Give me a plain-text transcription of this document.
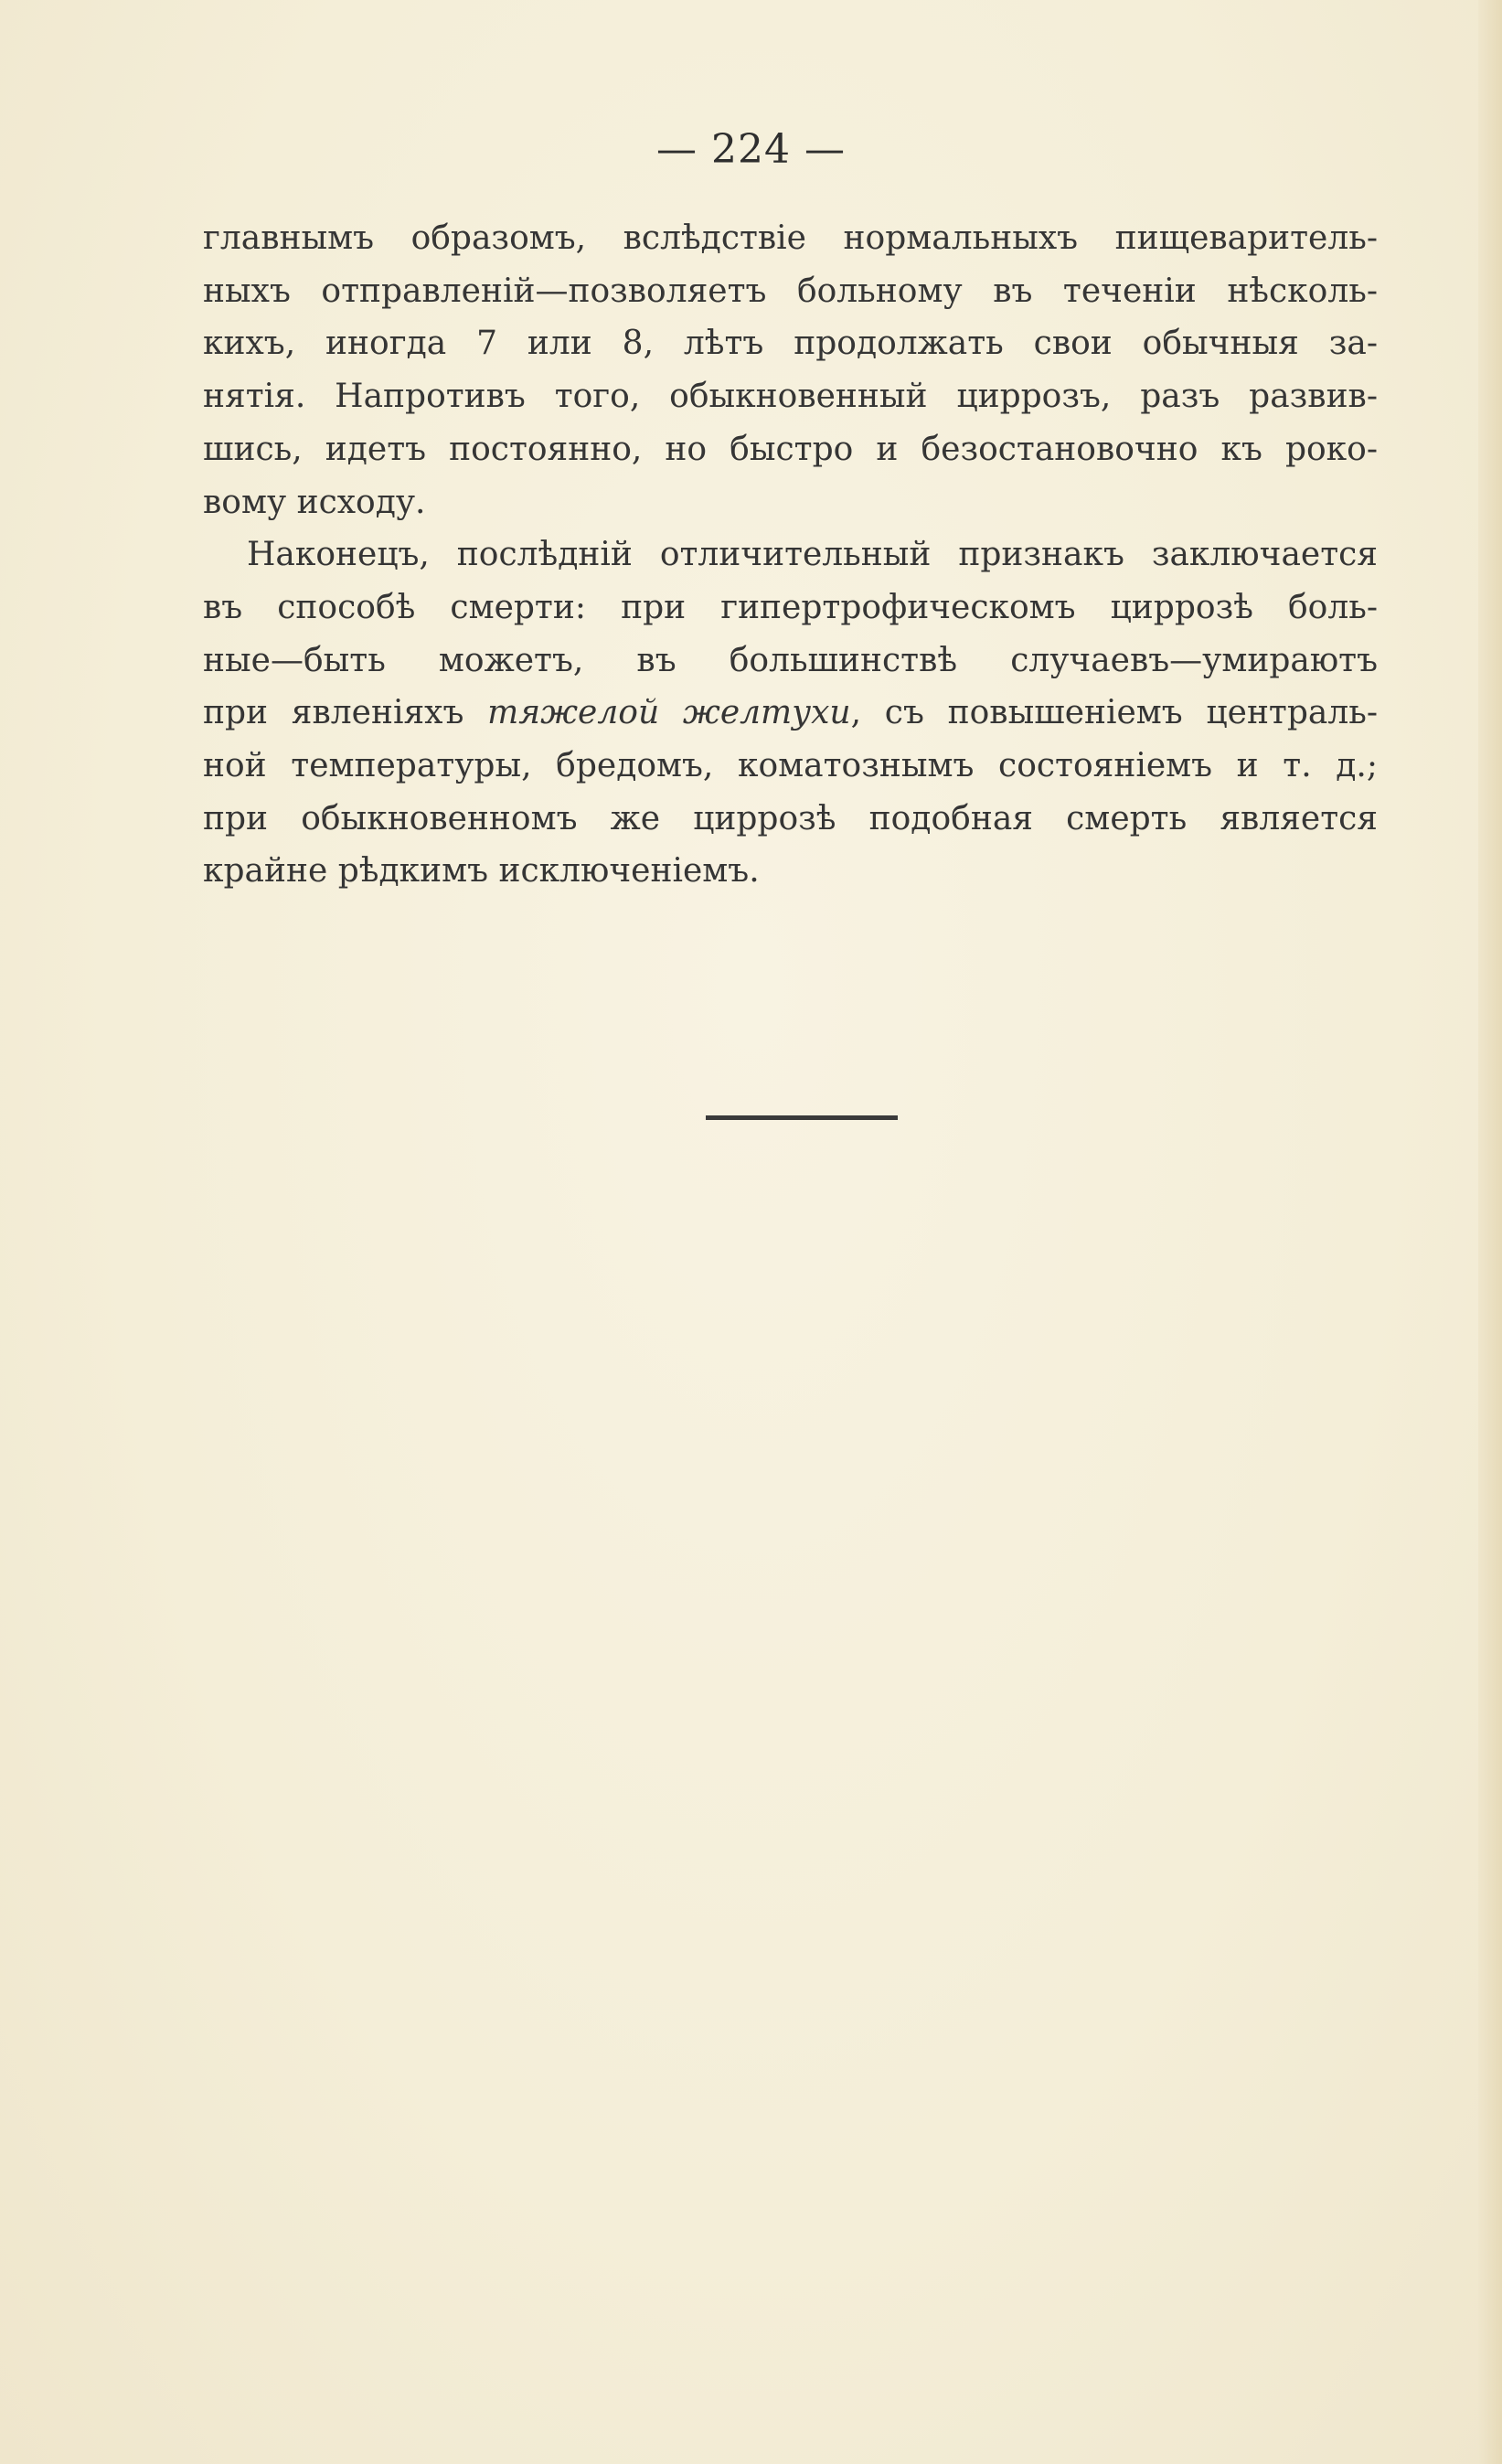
— 224 —

главнымъ образомъ, вслѣдствіе нормальныхъ пищеваритель-
ныхъ отправленій—позволяетъ больному въ теченіи нѣсколь-
кихъ, иногда 7 или 8, лѣтъ продолжать свои обычныя за-
нятія. Напротивъ того, обыкновенный циррозъ, разъ развив-
шись, идетъ постоянно, но быстро и безостановочно къ роко-
вому исходу.

Наконецъ, послѣдній отличительный признакъ заключается
въ способѣ смерти: при гипертрофическомъ циррозѣ боль-
ные—быть можетъ, въ большинствѣ случаевъ—умираютъ
при явленіяхъ тяжелой желтухи, съ повышеніемъ централь-
ной температуры, бредомъ, коматознымъ состояніемъ и т. д.;
при обыкновенномъ же циррозѣ подобная смерть является
крайне рѣдкимъ исключеніемъ.
